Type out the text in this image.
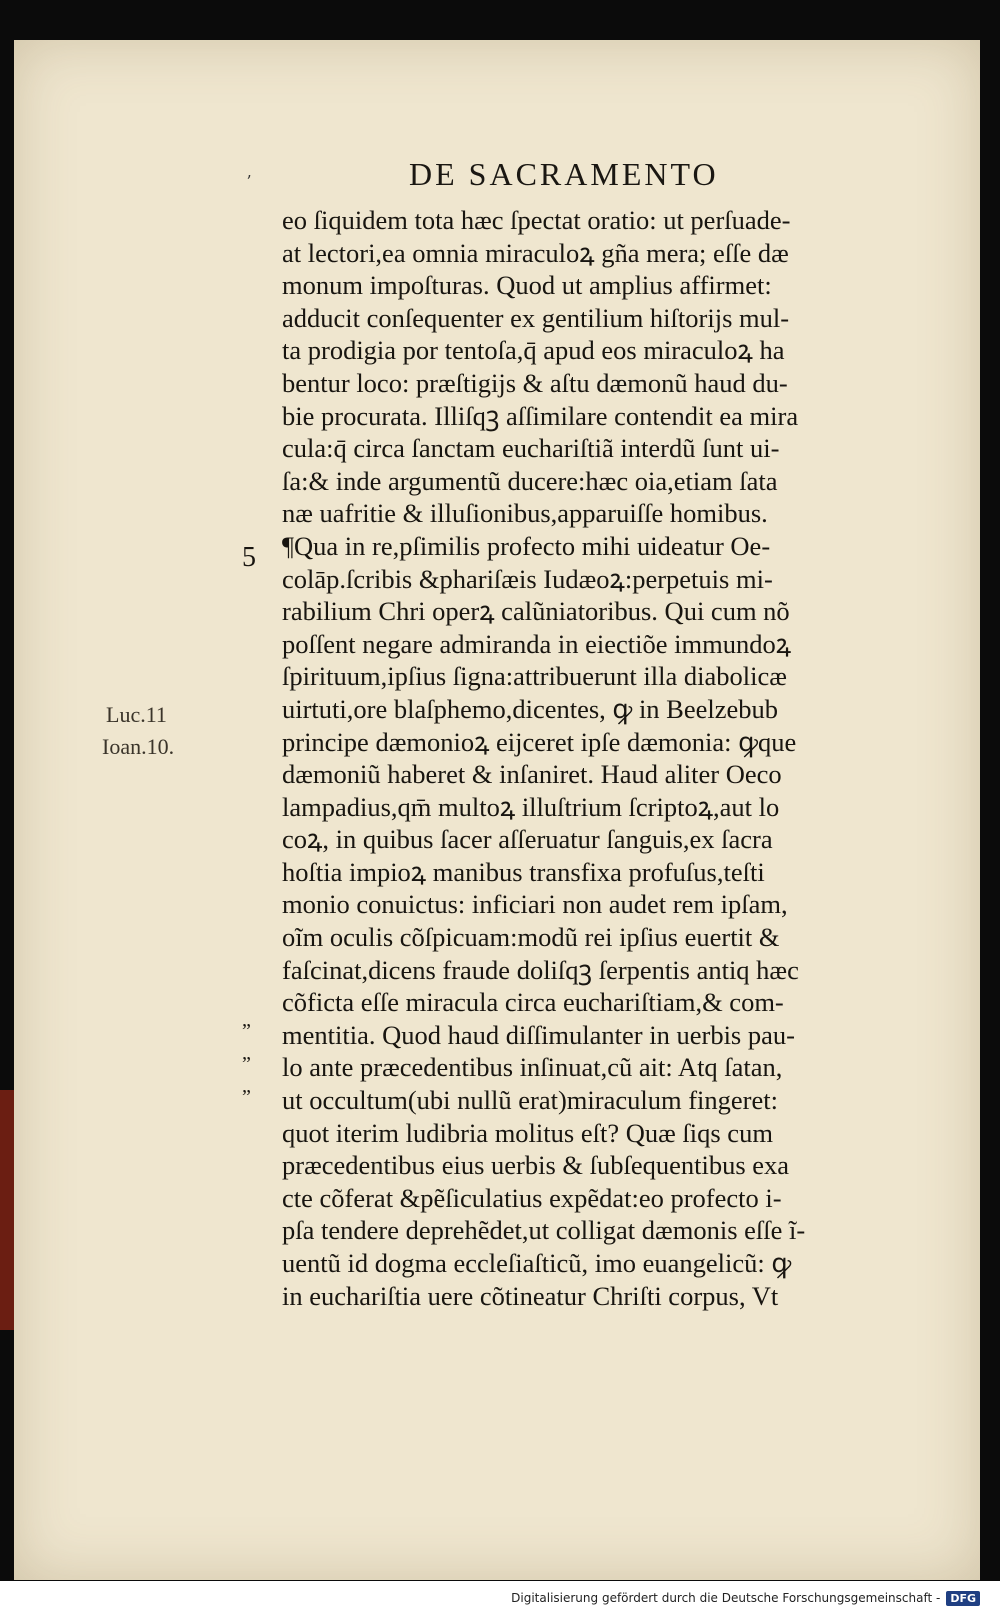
ʼ	DE SACRAMENTO
5
Luc.11
Ioan.10.
”
”
”
eo ſiquidem tota hæc ſpectat oratio: ut perſuade-
at lectori,ea omnia miraculoꝝ gña mera; eſſe dæ
monum impoſturas. Quod ut amplius affirmet:
adducit conſequenter ex gentilium hiſtorijs mul-
ta prodigia por tentoſa,q̄ apud eos miraculoꝝ ha
bentur loco: præſtigijs & aſtu dæmonũ haud du-
bie procurata. Illiſqꝫ aſſimilare contendit ea mira
cula:q̄ circa ſanctam euchariſtiã interdũ ſunt ui-
ſa:& inde argumentũ ducere:hæc oia,etiam ſata
næ uafritie & illuſionibus,apparuiſſe homibus.
¶Qua in re,pſimilis profecto mihi uideatur Oe-
colāp.ſcribis &phariſæis Iudæoꝝ:perpetuis mi-
rabilium Chri operꝝ calũniatoribus. Qui cum nõ
poſſent negare admiranda in eiectiõe immundoꝝ
ſpirituum,ipſius ſigna:attribuerunt illa diabolicæ
uirtuti,ore blaſphemo,dicentes, ꝙ in Beelzebub
principe dæmonioꝝ eijceret ipſe dæmonia: ꝙque
dæmoniũ haberet & inſaniret. Haud aliter Oeco
lampadius,qm̄ multoꝝ illuſtrium ſcriptoꝝ,aut lo
coꝝ, in quibus ſacer aſſeruatur ſanguis,ex ſacra
hoſtia impioꝝ manibus transfixa profuſus,teſti
monio conuictus: inficiari non audet rem ipſam,
oĩm oculis cõſpicuam:modũ rei ipſius euertit &
faſcinat,dicens fraude doliſqꝫ ſerpentis antiq hæc
cõficta eſſe miracula circa euchariſtiam,& com-
mentitia. Quod haud diſſimulanter in uerbis pau-
lo ante præcedentibus inſinuat,cũ ait: Atq ſatan,
ut occultum(ubi nullũ erat)miraculum fingeret:
quot iterim ludibria molitus eſt? Quæ ſiqs cum
præcedentibus eius uerbis & ſubſequentibus exa
cte cõferat &pẽſiculatius expẽdat:eo profecto i-
pſa tendere deprehẽdet,ut colligat dæmonis eſſe ĩ-
uentũ id dogma eccleſiaſticũ, imo euangelicũ: ꝙ
in euchariſtia uere cõtineatur Chriſti corpus, Vt
Digitalisierung gefördert durch die Deutsche Forschungsgemeinschaft - DFG
